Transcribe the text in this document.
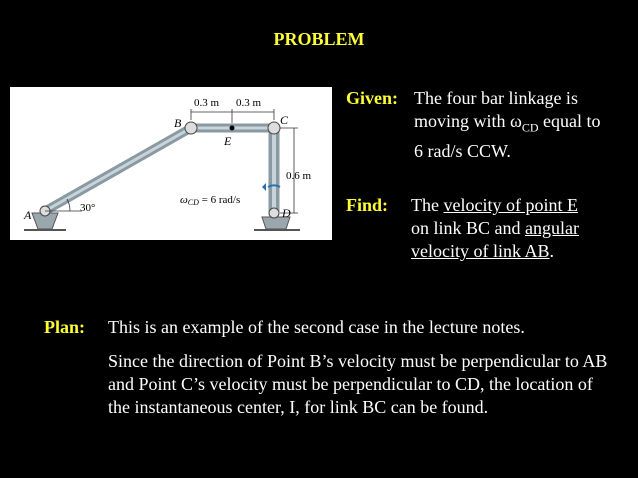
PROBLEM
0.3 m 0.3 m
0.6 m
30°
A
B	C
D
E
ωCD = 6 rad/s
Given: The four bar linkage is
moving with $\omega_{CD}$ equal to
6 rad/s CCW.
Find: The velocity of point E
on link BC and angular
velocity of link AB.
Plan: This is an example of the second case in the lecture notes.
Since the direction of Point B’s velocity must be perpendicular to AB and Point C’s velocity must be perpendicular to CD, the location of the instantaneous center, I, for link BC can be found.
